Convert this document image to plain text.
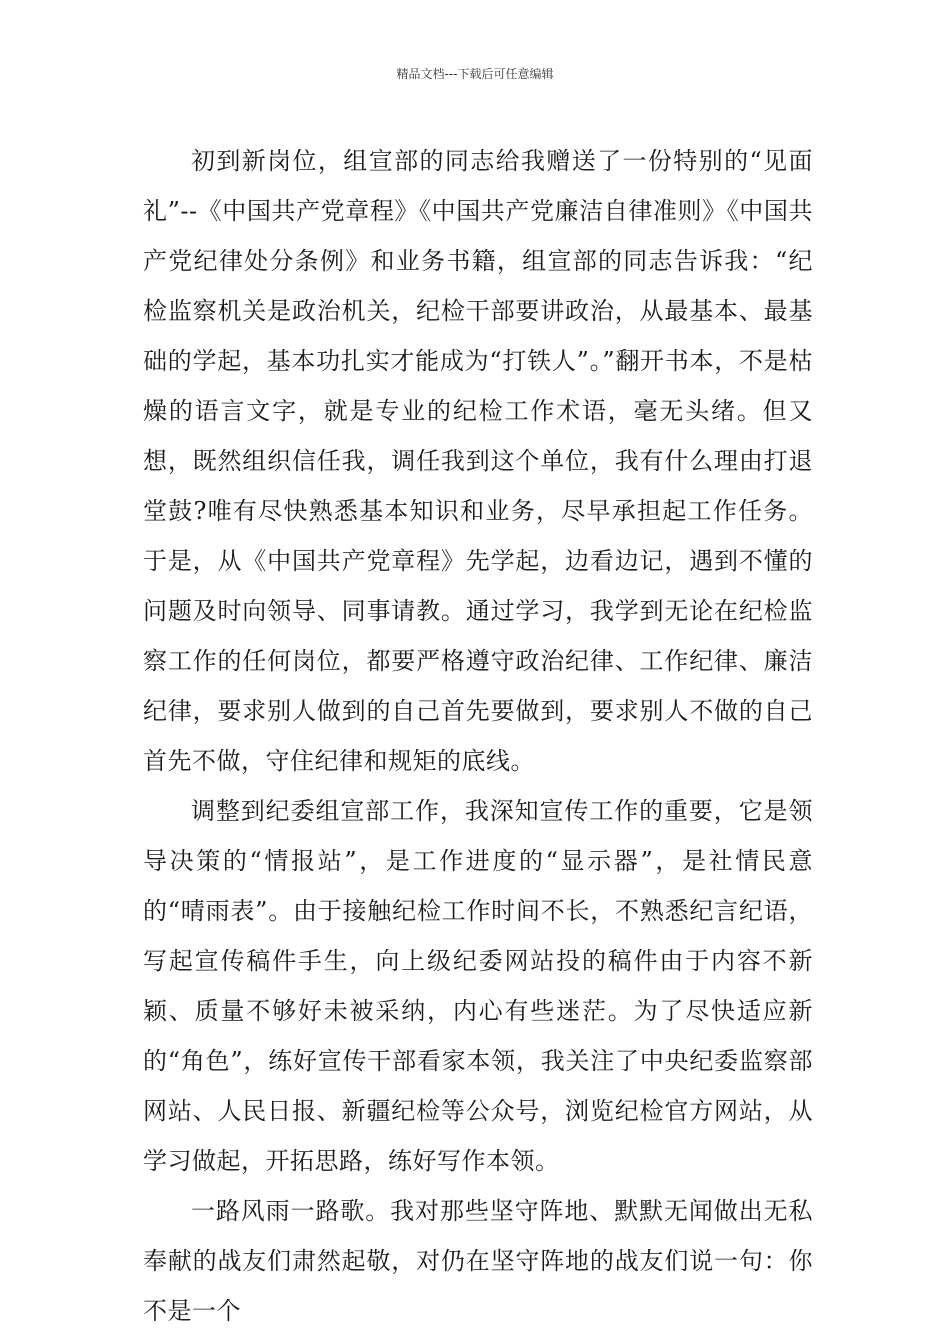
精品文档---下载后可任意编辑

初到新岗位，组宣部的同志给我赠送了一份特别的“见面礼”--《中国共产党章程》《中国共产党廉洁自律准则》《中国共产党纪律处分条例》和业务书籍，组宣部的同志告诉我：“纪检监察机关是政治机关，纪检干部要讲政治，从最基本、最基础的学起，基本功扎实才能成为“打铁人”。”翻开书本，不是枯燥的语言文字，就是专业的纪检工作术语，毫无头绪。但又想，既然组织信任我，调任我到这个单位，我有什么理由打退堂鼓?唯有尽快熟悉基本知识和业务，尽早承担起工作任务。于是，从《中国共产党章程》先学起，边看边记，遇到不懂的问题及时向领导、同事请教。通过学习，我学到无论在纪检监察工作的任何岗位，都要严格遵守政治纪律、工作纪律、廉洁纪律，要求别人做到的自己首先要做到，要求别人不做的自己首先不做，守住纪律和规矩的底线。

调整到纪委组宣部工作，我深知宣传工作的重要，它是领导决策的“情报站”，是工作进度的“显示器”，是社情民意的“晴雨表”。由于接触纪检工作时间不长，不熟悉纪言纪语，写起宣传稿件手生，向上级纪委网站投的稿件由于内容不新颖、质量不够好未被采纳，内心有些迷茫。为了尽快适应新的“角色”，练好宣传干部看家本领，我关注了中央纪委监察部网站、人民日报、新疆纪检等公众号，浏览纪检官方网站，从学习做起，开拓思路，练好写作本领。

一路风雨一路歌。我对那些坚守阵地、默默无闻做出无私奉献的战友们肃然起敬，对仍在坚守阵地的战友们说一句：你不是一个
